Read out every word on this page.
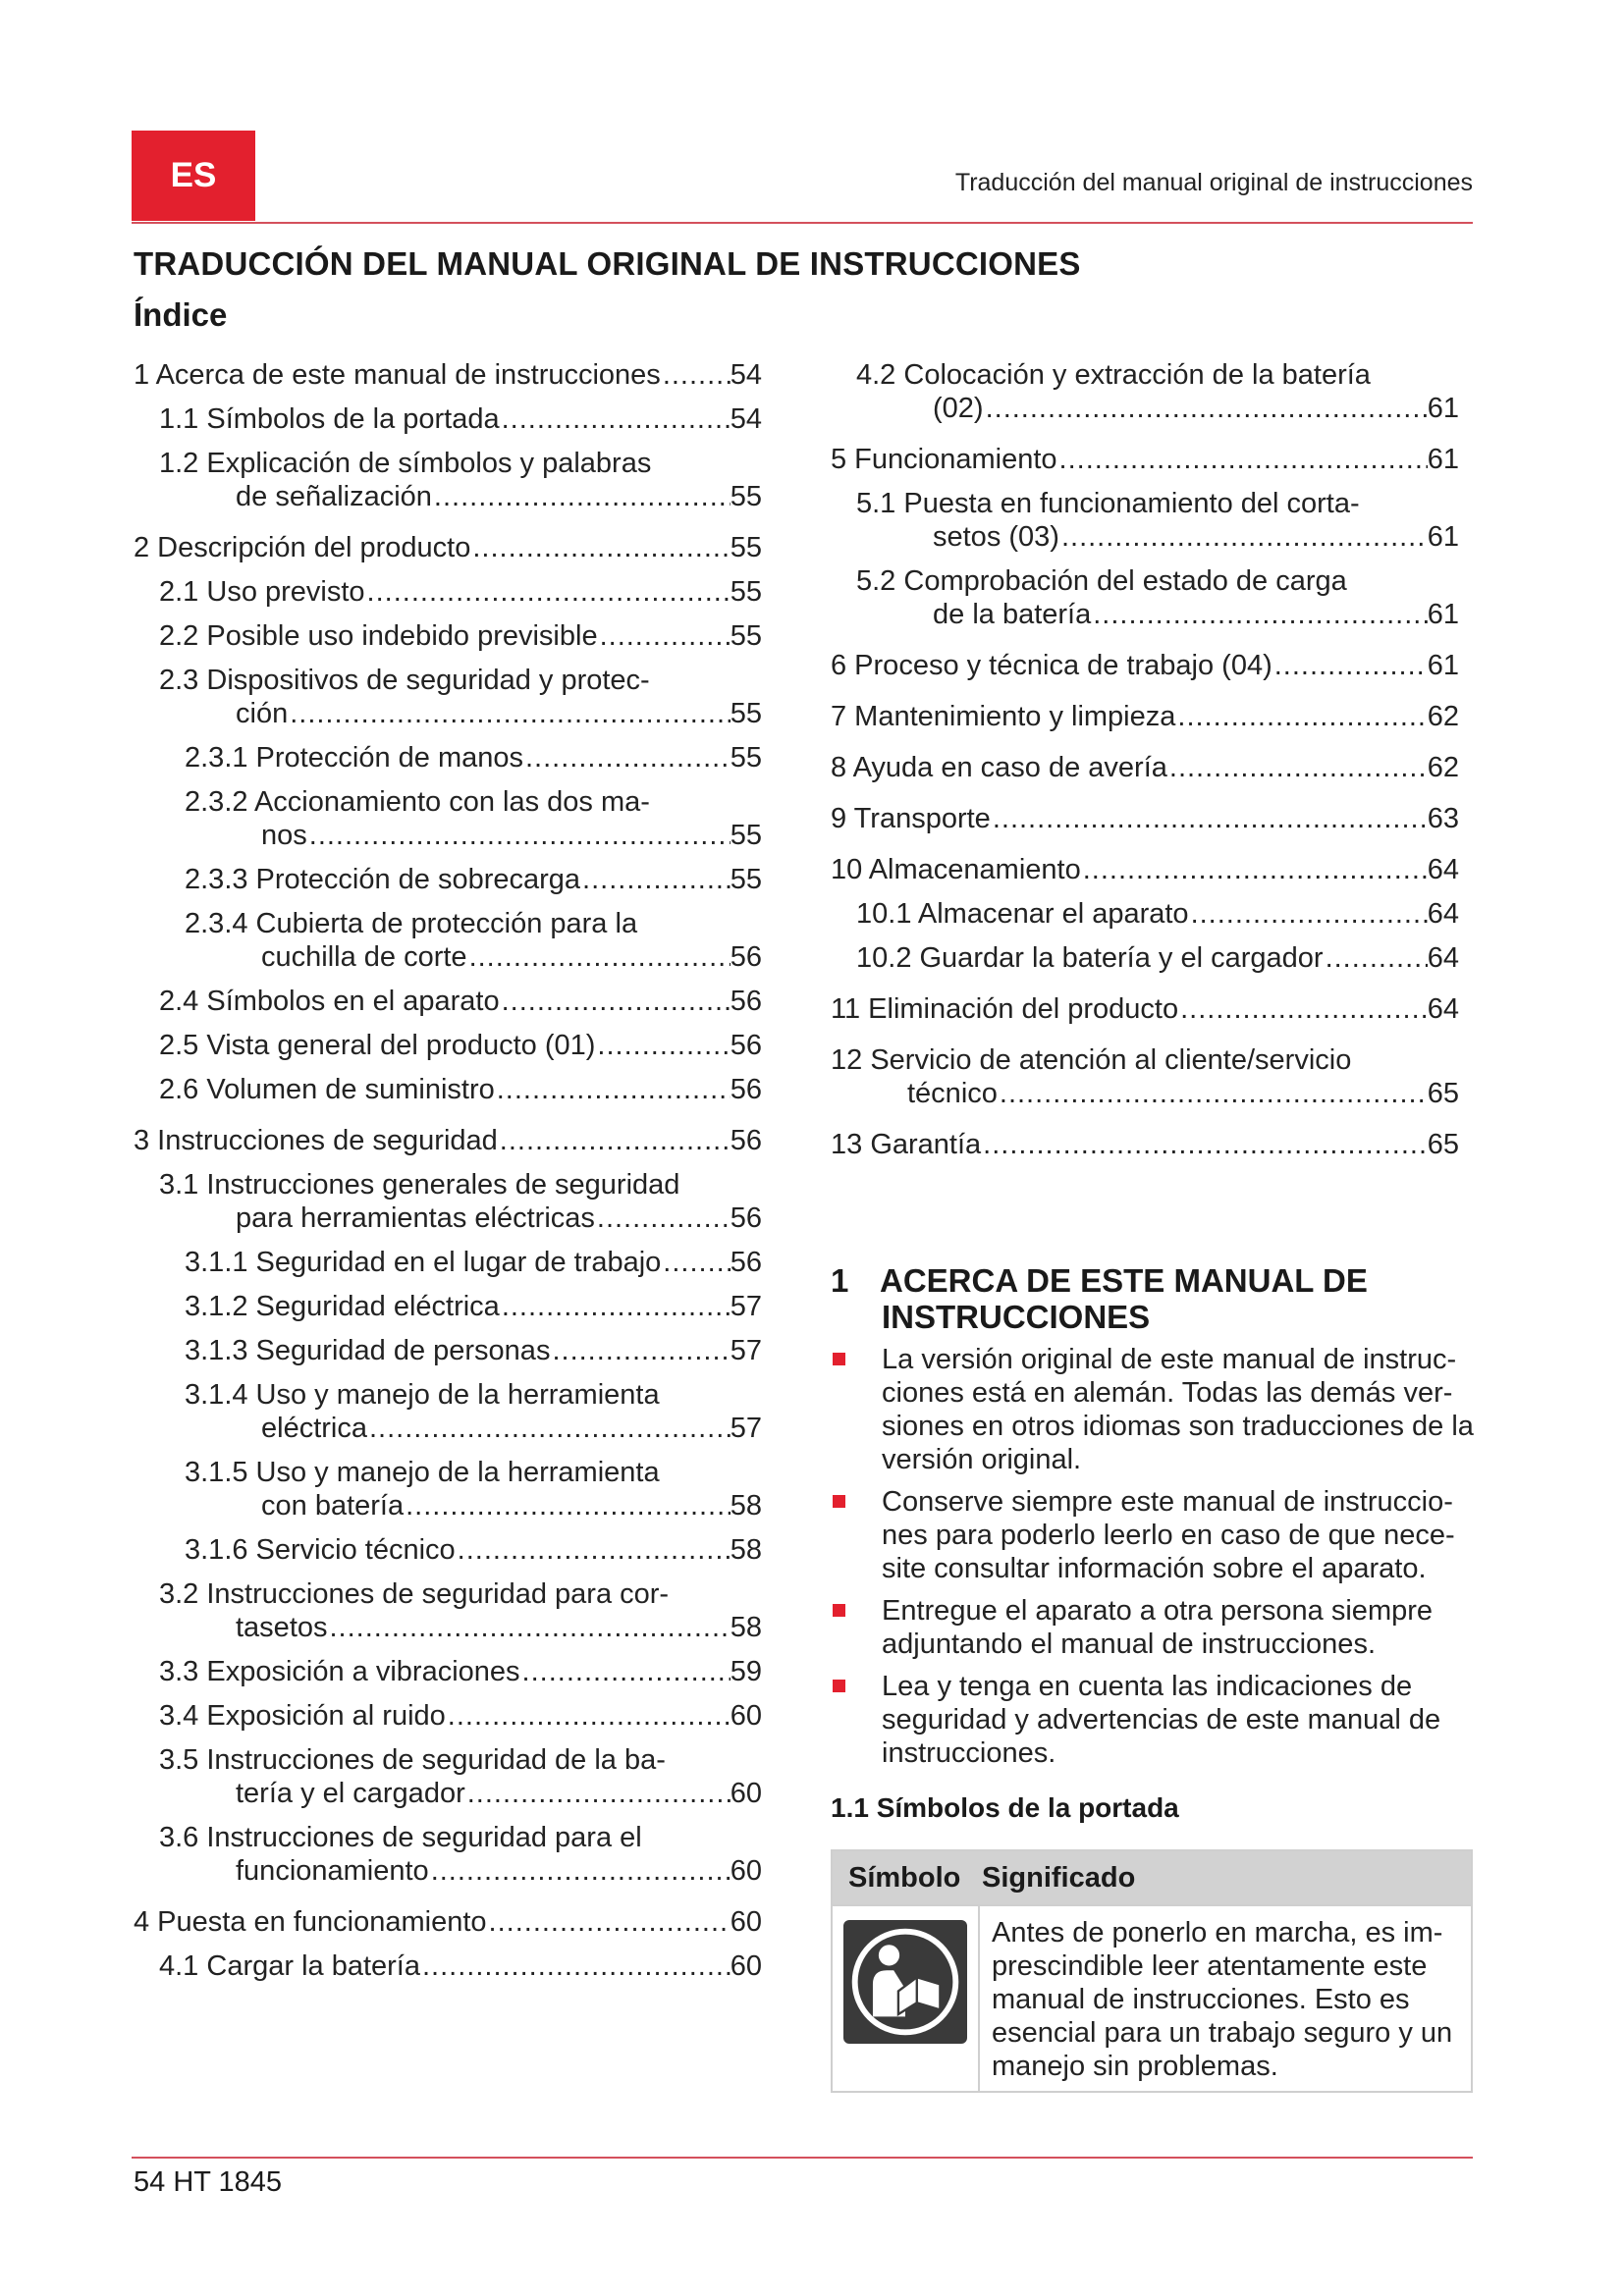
ES	Traducción del manual original de instrucciones
TRADUCCIÓN DEL MANUAL ORIGINAL DE INSTRUCCIONES
Índice
1 Acerca de este manual de instrucciones ..... 54
1.1 Símbolos de la portada .....	54
1.2 Explicación de símbolos y palabras
de señalización .....	55
2 Descripción del producto .....	55
2.1 Uso previsto .....	55
2.2 Posible uso indebido previsible .....	55
2.3 Dispositivos de seguridad y protec-
ción .....	55
2.3.1 Protección de manos .....	55
2.3.2 Accionamiento con las dos ma-
nos .....	55
2.3.3 Protección de sobrecarga .....	55
2.3.4 Cubierta de protección para la
cuchilla de corte .....	56
2.4 Símbolos en el aparato .....	56
2.5 Vista general del producto (01) .....	56
2.6 Volumen de suministro .....	56
3 Instrucciones de seguridad .....	56
3.1 Instrucciones generales de seguridad
para herramientas eléctricas .....	56
3.1.1 Seguridad en el lugar de trabajo ..... 56
3.1.2 Seguridad eléctrica .....	57
3.1.3 Seguridad de personas .....	57
3.1.4 Uso y manejo de la herramienta
eléctrica .....	57
3.1.5 Uso y manejo de la herramienta
con batería .....	58
3.1.6 Servicio técnico .....	58
3.2 Instrucciones de seguridad para cor-
tasetos .....	58
3.3 Exposición a vibraciones .....	59
3.4 Exposición al ruido .....	60
3.5 Instrucciones de seguridad de la ba-
tería y el cargador .....	60
3.6 Instrucciones de seguridad para el
funcionamiento .....	60
4 Puesta en funcionamiento .....	60
4.1 Cargar la batería .....	60
4.2 Colocación y extracción de la batería
(02) .....	61
5 Funcionamiento .....	61
5.1 Puesta en funcionamiento del corta-
setos (03) .....	61
5.2 Comprobación del estado de carga
de la batería .....	61
6 Proceso y técnica de trabajo (04) .....	61
7 Mantenimiento y limpieza .....	62
8 Ayuda en caso de avería .....	62
9 Transporte .....	63
10 Almacenamiento .....	64
10.1 Almacenar el aparato .....	64
10.2 Guardar la batería y el cargador .....	64
11 Eliminación del producto .....	64
12 Servicio de atención al cliente/servicio
técnico .....	65
13 Garantía .....	65
1 ACERCA DE ESTE MANUAL DE
INSTRUCCIONES
La versión original de este manual de instruc-ciones está en alemán. Todas las demás ver-siones en otros idiomas son traducciones de la versión original.
Conserve siempre este manual de instruccio-nes para poderlo leerlo en caso de que nece-site consultar información sobre el aparato.
Entregue el aparato a otra persona siempre adjuntando el manual de instrucciones.
Lea y tenga en cuenta las indicaciones de seguridad y advertencias de este manual de instrucciones.
1.1 Símbolos de la portada
Símbolo Significado
Antes de ponerlo en marcha, es im-prescindible leer atentamente este manual de instrucciones. Esto es esencial para un trabajo seguro y un manejo sin problemas.
54 HT 1845
